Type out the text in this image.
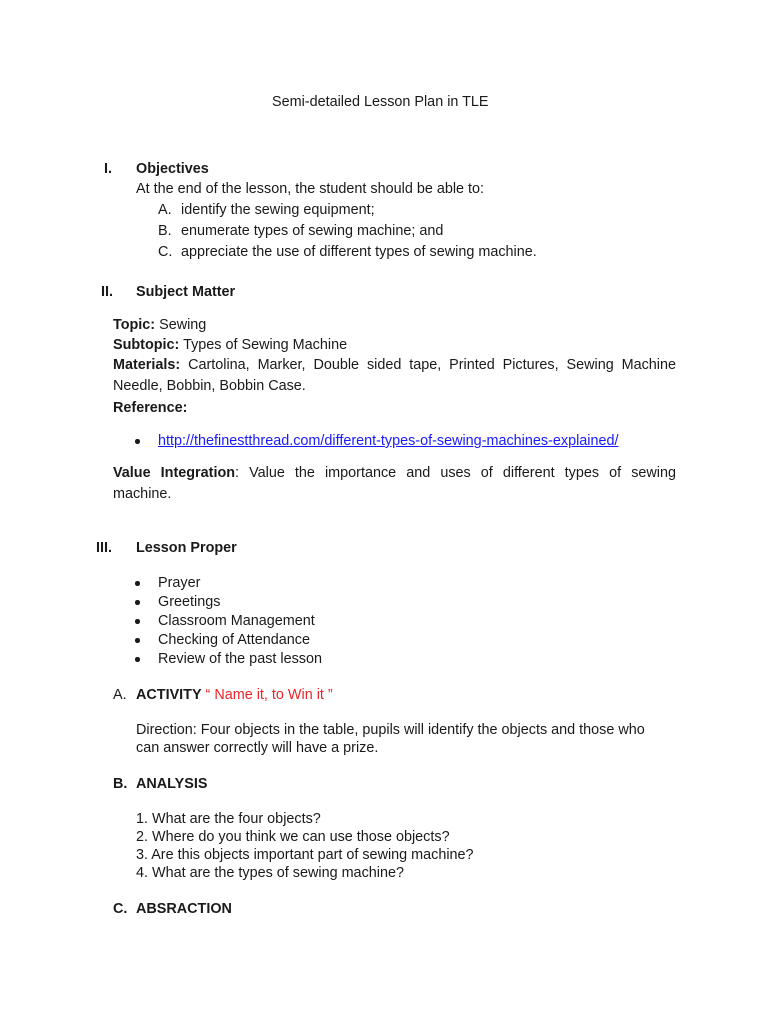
Semi-detailed Lesson Plan in TLE
I. Objectives
At the end of the lesson, the student should be able to:
A. identify the sewing equipment;
B. enumerate types of sewing machine; and
C. appreciate the use of different types of sewing machine.
II. Subject Matter
Topic: Sewing
Subtopic: Types of Sewing Machine
Materials: Cartolina, Marker, Double sided tape, Printed Pictures, Sewing Machine
Needle, Bobbin, Bobbin Case.
Reference:
http://thefinestthread.com/different-types-of-sewing-machines-explained/
Value Integration: Value the importance and uses of different types of sewing
machine.
III. Lesson Proper
Prayer
Greetings
Classroom Management
Checking of Attendance
Review of the past lesson
A. ACTIVITY “ Name it, to Win it ”
Direction: Four objects in the table, pupils will identify the objects and those who
can answer correctly will have a prize.
B. ANALYSIS
1. What are the four objects?
2. Where do you think we can use those objects?
3. Are this objects important part of sewing machine?
4. What are the types of sewing machine?
C. ABSRACTION
